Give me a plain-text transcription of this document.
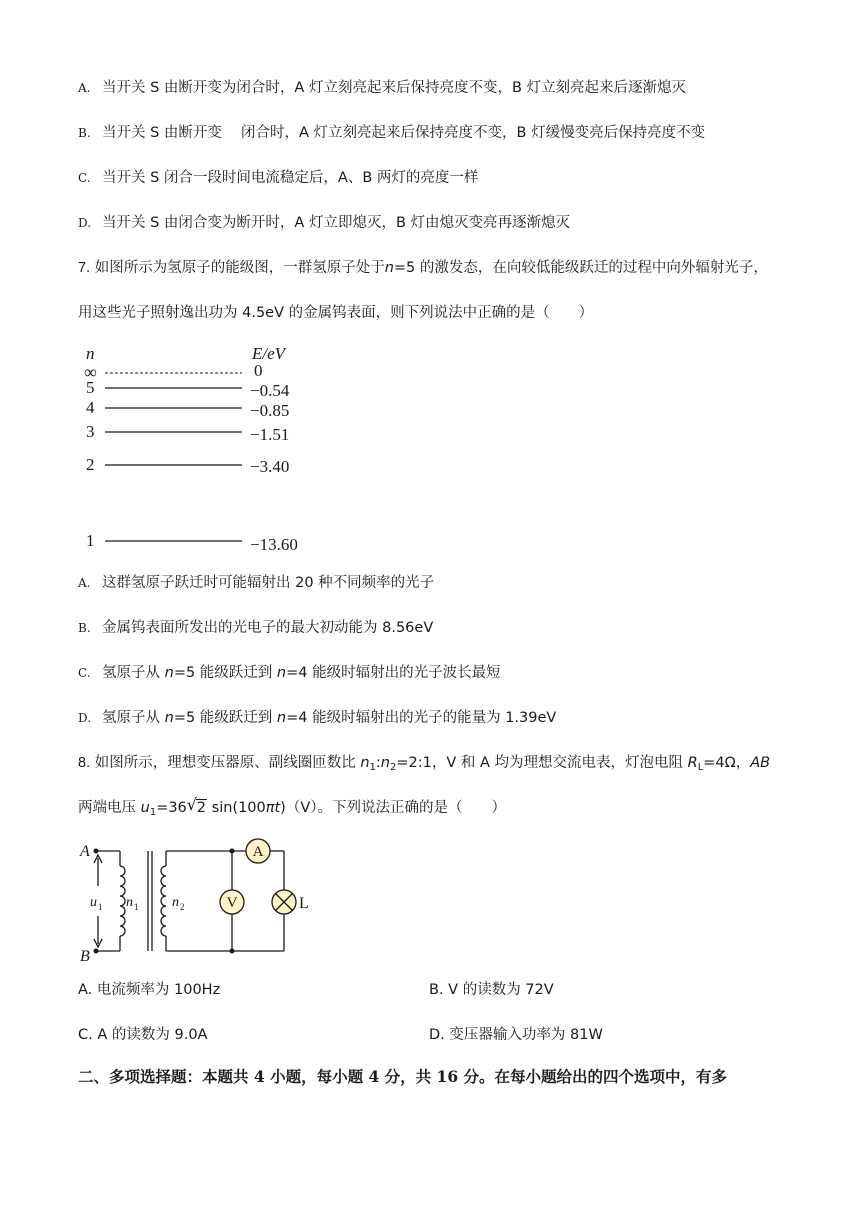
A. 当开关 S 由断开变为闭合时，A 灯立刻亮起来后保持亮度不变，B 灯立刻亮起来后逐渐熄灭
B. 当开关 S 由断开变　 闭合时，A 灯立刻亮起来后保持亮度不变，B 灯缓慢变亮后保持亮度不变
C. 当开关 S 闭合一段时间电流稳定后，A、B 两灯的亮度一样
D. 当开关 S 由闭合变为断开时，A 灯立即熄灭，B 灯由熄灭变亮再逐渐熄灭
7. 如图所示为氢原子的能级图，一群氢原子处于n=5 的激发态，在向较低能级跃迁的过程中向外辐射光子，
用这些光子照射逸出功为 4.5eV 的金属钨表面，则下列说法中正确的是（　　）
n	E/eV
∞	0
5	−0.54
4	−0.85
3	−1.51
2	−3.40
1	−13.60
A. 这群氢原子跃迁时可能辐射出 20 种不同频率的光子
B. 金属钨表面所发出的光电子的最大初动能为 8.56eV
C. 氢原子从 n=5 能级跃迁到 n=4 能级时辐射出的光子波长最短
D. 氢原子从 n=5 能级跃迁到 n=4 能级时辐射出的光子的能量为 1.39eV
8. 如图所示，理想变压器原、副线圈匝数比 $n_1:n_2=2:1$，V 和 A 均为理想交流电表，灯泡电阻 $R_L=4\Omega$，AB
两端电压 $u_1=36$ √ 2 sin(100πt)（V）。下列说法正确的是（　　）
A
V	L
A
B
u 1 n 1 n 2
A. 电流频率为 100Hz	B. V 的读数为 72V
C. A 的读数为 9.0A	D. 变压器输入功率为 81W
二、多项选择题：本题共 4 小题，每小题 4 分，共 16 分。在每小题给出的四个选项中，有多
